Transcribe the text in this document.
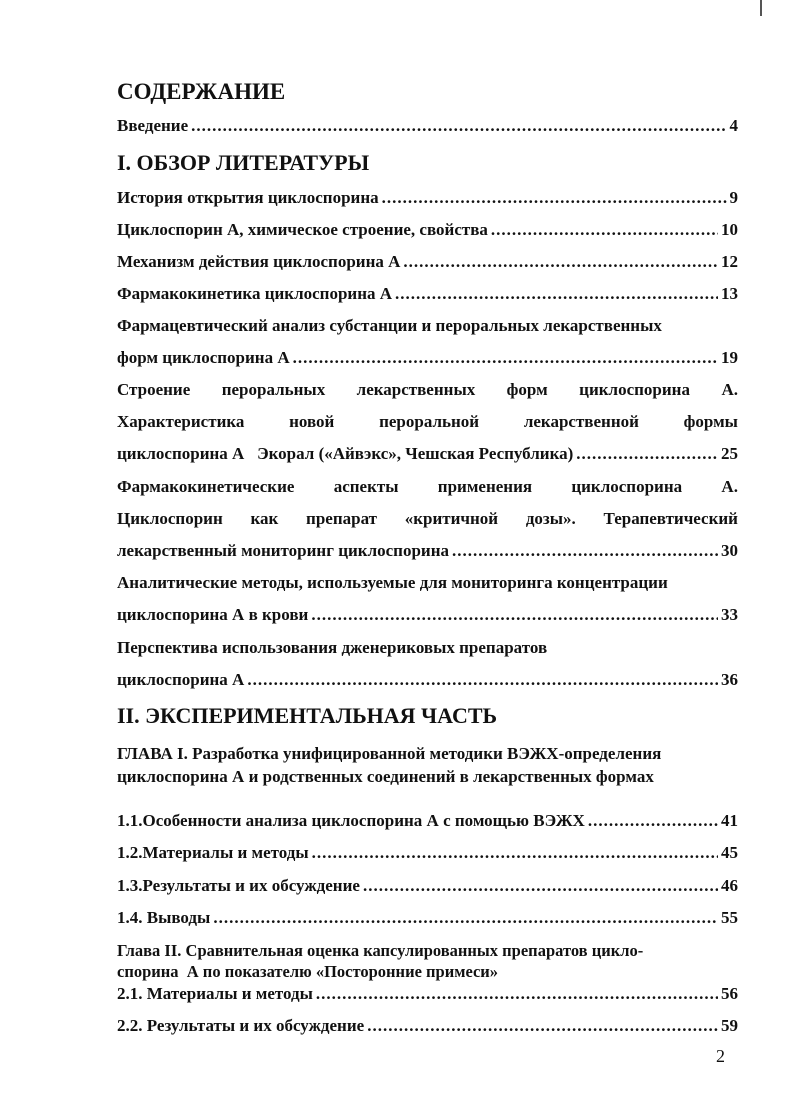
СОДЕРЖАНИЕ
Введение .....	4
I. ОБЗОР ЛИТЕРАТУРЫ
История открытия циклоспорина .....	9
Циклоспорин А, химическое строение, свойства .....	10
Механизм действия циклоспорина А .....	12
Фармакокинетика циклоспорина А .....	13
Фармацевтический анализ субстанции и пероральных лекарственных
форм циклоспорина А .....	19
Строение пероральных лекарственных форм циклоспорина А.
Характеристика	новой	пероральной	лекарственной	формы
циклоспорина А   Экорал («Айвэкс», Чешская Республика) .....	25
Фармакокинетические аспекты применения циклоспорина А.
Циклоспорин как препарат «критичной дозы». Терапевтический
лекарственный мониторинг циклоспорина .....	30
Аналитические методы, используемые для мониторинга концентрации
циклоспорина А в крови .....	33
Перспектива использования дженериковых препаратов
циклоспорина А .....	36
II. ЭКСПЕРИМЕНТАЛЬНАЯ ЧАСТЬ
ГЛАВА I. Разработка унифицированной методики ВЭЖХ-определения
циклоспорина А и родственных соединений в лекарственных формах
1.1.Особенности анализа циклоспорина А с помощью ВЭЖХ .....	41
1.2.Материалы и методы .....	45
1.3.Результаты и их обсуждение .....	46
1.4. Выводы .....	55
Глава II. Сравнительная оценка капсулированных препаратов цикло-
спорина  А по показателю «Посторонние примеси»
2.1. Материалы и методы .....	56
2.2. Результаты и их обсуждение .....	59
2
